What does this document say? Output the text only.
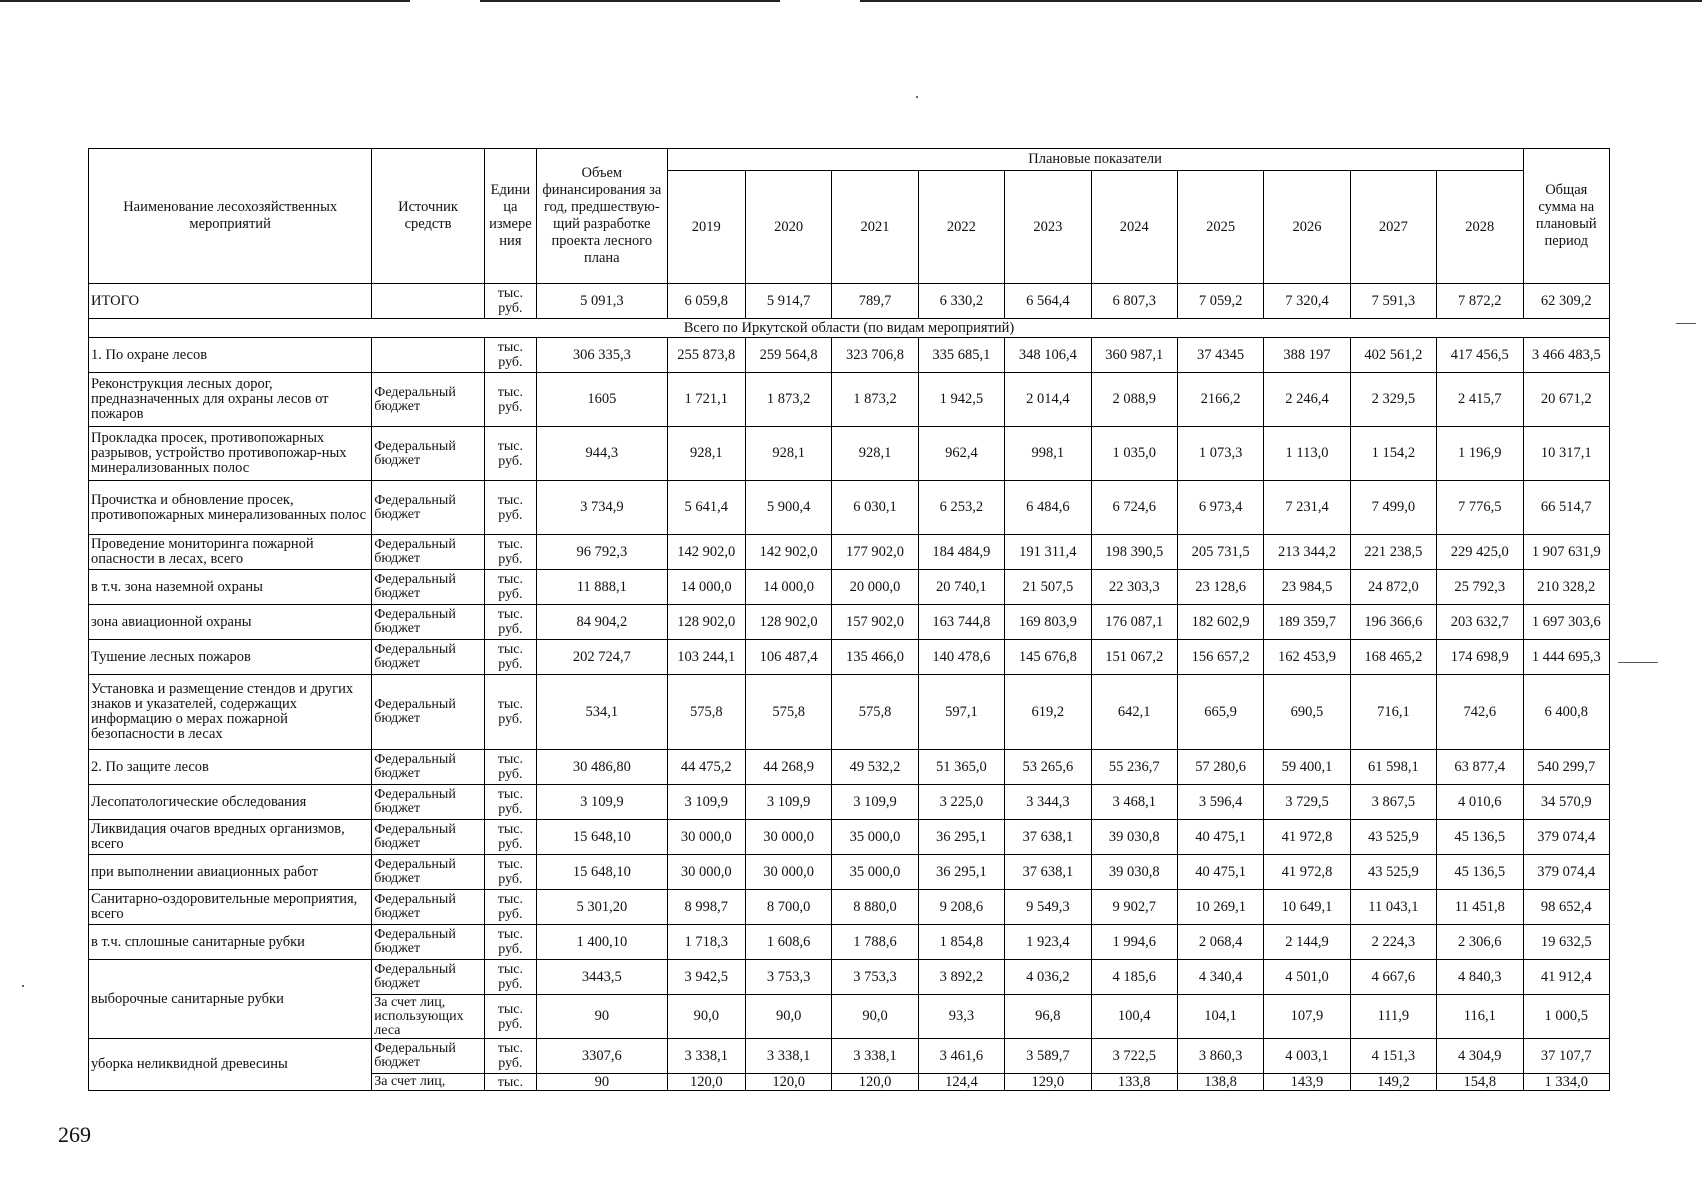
Наименование лесохозяйственных мероприятий	Источник средств	Едини ца измере ния	Объем финансирования за год, предшествую-щий разработке проекта лесного плана	Плановые показатели										Общая сумма на плановый период
				2019	2020	2021	2022	2023	2024	2025	2026	2027	2028	
ИТОГО		тыс. руб.	5 091,3	6 059,8	5 914,7	789,7	6 330,2	6 564,4	6 807,3	7 059,2	7 320,4	7 591,3	7 872,2	62 309,2
Всего по Иркутской области (по видам мероприятий)														
1. По охране лесов		тыс. руб.	306 335,3	255 873,8	259 564,8	323 706,8	335 685,1	348 106,4	360 987,1	37 4345	388 197	402 561,2	417 456,5	3 466 483,5
Реконструкция лесных дорог, предназначенных для охраны лесов от пожаров	Федеральный бюджет	тыс. руб.	1605	1 721,1	1 873,2	1 873,2	1 942,5	2 014,4	2 088,9	2166,2	2 246,4	2 329,5	2 415,7	20 671,2
Прокладка просек, противопожарных разрывов, устройство противопожар-ных минерализованных полос	Федеральный бюджет	тыс. руб.	944,3	928,1	928,1	928,1	962,4	998,1	1 035,0	1 073,3	1 113,0	1 154,2	1 196,9	10 317,1
Прочистка и обновление просек, противопожарных минерализованных полос	Федеральный бюджет	тыс. руб.	3 734,9	5 641,4	5 900,4	6 030,1	6 253,2	6 484,6	6 724,6	6 973,4	7 231,4	7 499,0	7 776,5	66 514,7
Проведение мониторинга пожарной опасности в лесах, всего	Федеральный бюджет	тыс. руб.	96 792,3	142 902,0	142 902,0	177 902,0	184 484,9	191 311,4	198 390,5	205 731,5	213 344,2	221 238,5	229 425,0	1 907 631,9
в т.ч. зона наземной охраны	Федеральный бюджет	тыс. руб.	11 888,1	14 000,0	14 000,0	20 000,0	20 740,1	21 507,5	22 303,3	23 128,6	23 984,5	24 872,0	25 792,3	210 328,2
зона авиационной охраны	Федеральный бюджет	тыс. руб.	84 904,2	128 902,0	128 902,0	157 902,0	163 744,8	169 803,9	176 087,1	182 602,9	189 359,7	196 366,6	203 632,7	1 697 303,6
Тушение лесных пожаров	Федеральный бюджет	тыс. руб.	202 724,7	103 244,1	106 487,4	135 466,0	140 478,6	145 676,8	151 067,2	156 657,2	162 453,9	168 465,2	174 698,9	1 444 695,3
Установка и размещение стендов и других знаков и указателей, содержащих информацию о мерах пожарной безопасности в лесах	Федеральный бюджет	тыс. руб.	534,1	575,8	575,8	575,8	597,1	619,2	642,1	665,9	690,5	716,1	742,6	6 400,8
2. По защите лесов	Федеральный бюджет	тыс. руб.	30 486,80	44 475,2	44 268,9	49 532,2	51 365,0	53 265,6	55 236,7	57 280,6	59 400,1	61 598,1	63 877,4	540 299,7
Лесопатологические обследования	Федеральный бюджет	тыс. руб.	3 109,9	3 109,9	3 109,9	3 109,9	3 225,0	3 344,3	3 468,1	3 596,4	3 729,5	3 867,5	4 010,6	34 570,9
Ликвидация очагов вредных организмов, всего	Федеральный бюджет	тыс. руб.	15 648,10	30 000,0	30 000,0	35 000,0	36 295,1	37 638,1	39 030,8	40 475,1	41 972,8	43 525,9	45 136,5	379 074,4
при выполнении авиационных работ	Федеральный бюджет	тыс. руб.	15 648,10	30 000,0	30 000,0	35 000,0	36 295,1	37 638,1	39 030,8	40 475,1	41 972,8	43 525,9	45 136,5	379 074,4
Санитарно-оздоровительные мероприятия, всего	Федеральный бюджет	тыс. руб.	5 301,20	8 998,7	8 700,0	8 880,0	9 208,6	9 549,3	9 902,7	10 269,1	10 649,1	11 043,1	11 451,8	98 652,4
в т.ч. сплошные санитарные рубки	Федеральный бюджет	тыс. руб.	1 400,10	1 718,3	1 608,6	1 788,6	1 854,8	1 923,4	1 994,6	2 068,4	2 144,9	2 224,3	2 306,6	19 632,5
выборочные санитарные рубки	Федеральный бюджет	тыс. руб.	3443,5	3 942,5	3 753,3	3 753,3	3 892,2	4 036,2	4 185,6	4 340,4	4 501,0	4 667,6	4 840,3	41 912,4
	За счет лиц, использующих леса	тыс. руб.	90	90,0	90,0	90,0	93,3	96,8	100,4	104,1	107,9	111,9	116,1	1 000,5
уборка неликвидной древесины	Федеральный бюджет	тыс. руб.	3307,6	3 338,1	3 338,1	3 338,1	3 461,6	3 589,7	3 722,5	3 860,3	4 003,1	4 151,3	4 304,9	37 107,7
	За счет лиц,	тыс.	90	120,0	120,0	120,0	124,4	129,0	133,8	138,8	143,9	149,2	154,8	1 334,0
269
